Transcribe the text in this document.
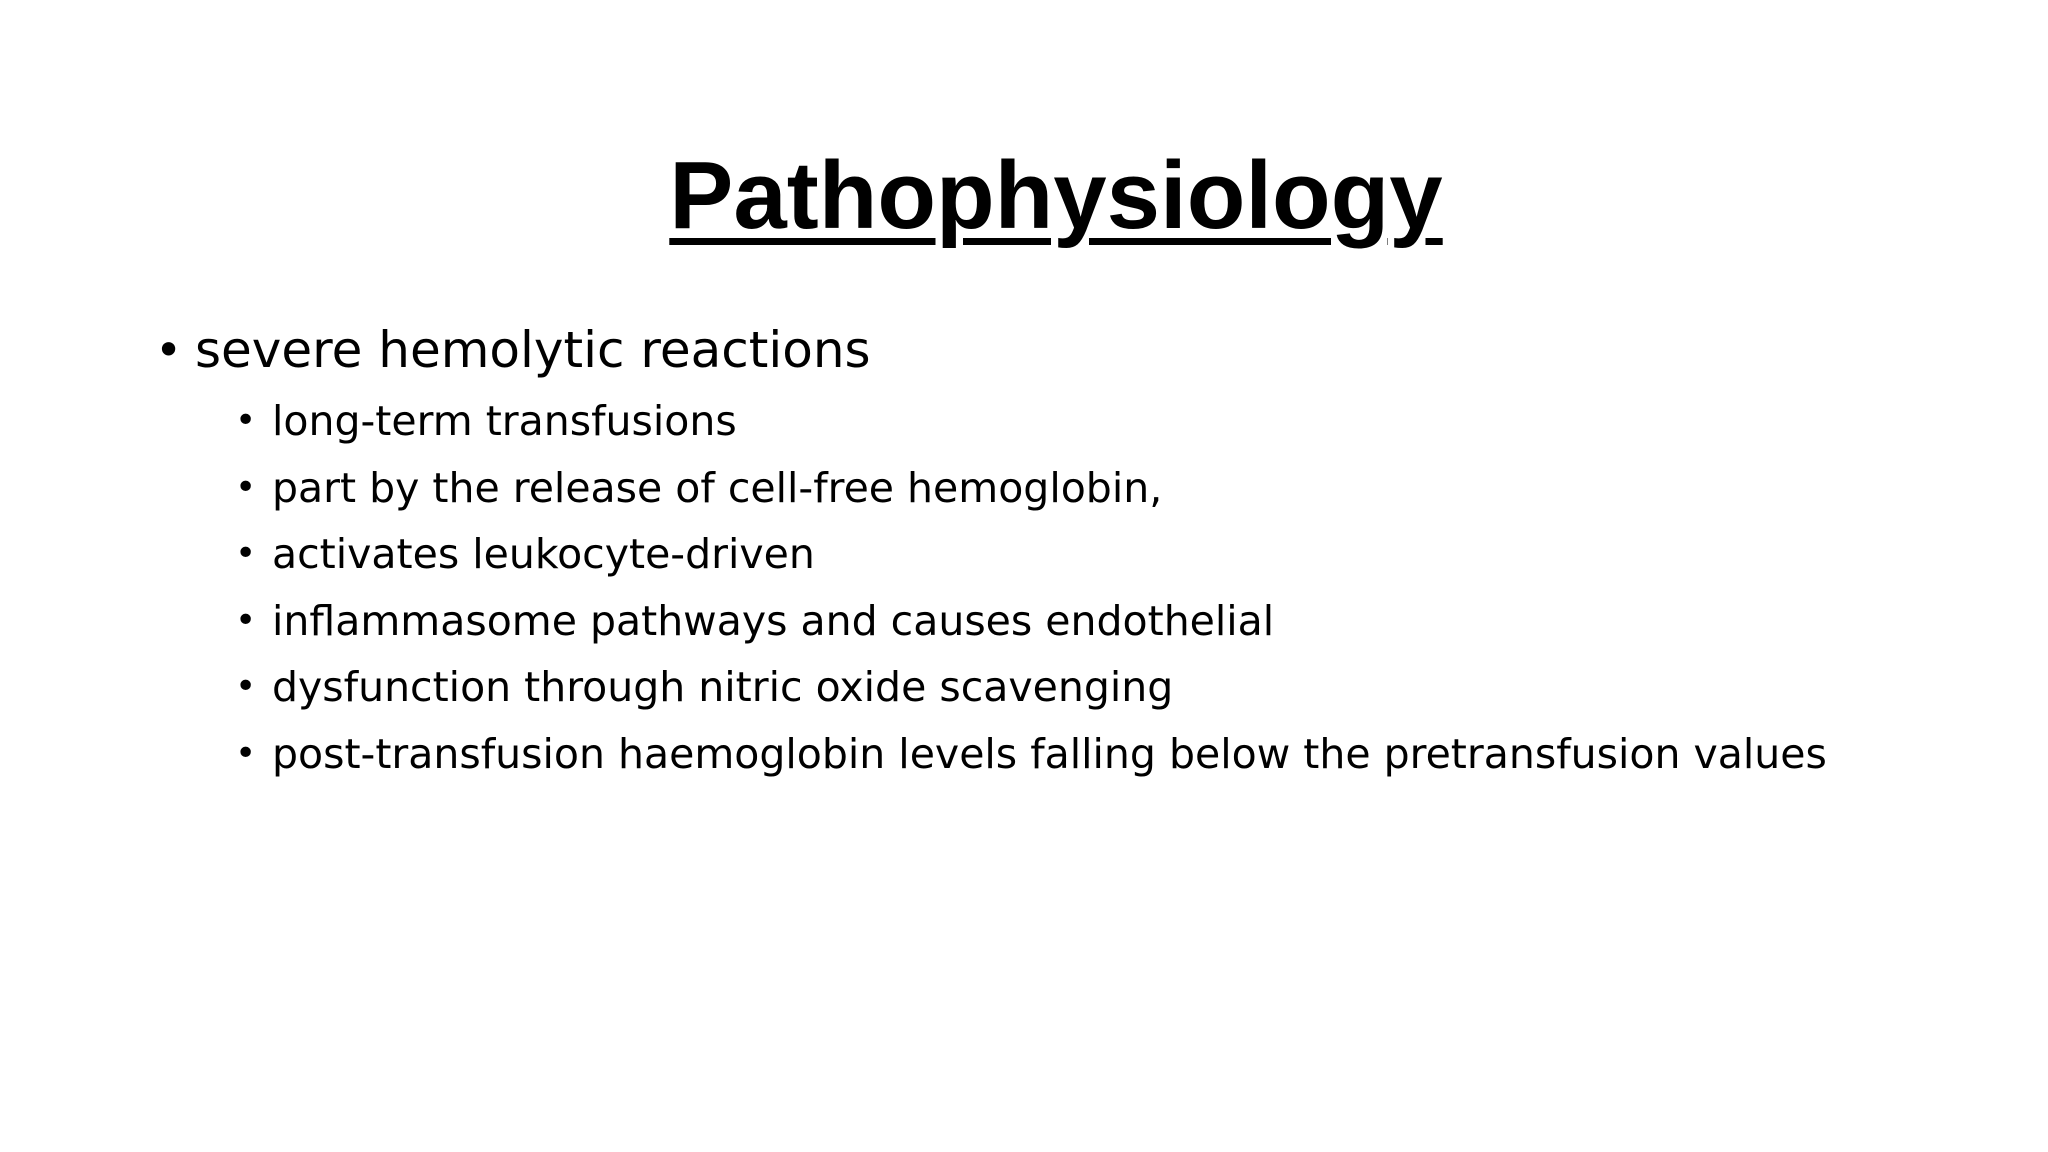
Pathophysiology
• severe hemolytic reactions
• long-term transfusions
• part by the release of cell-free hemoglobin,
• activates leukocyte-driven
• inflammasome pathways and causes endothelial
• dysfunction through nitric oxide scavenging
• post-transfusion haemoglobin levels falling below the pretransfusion values
